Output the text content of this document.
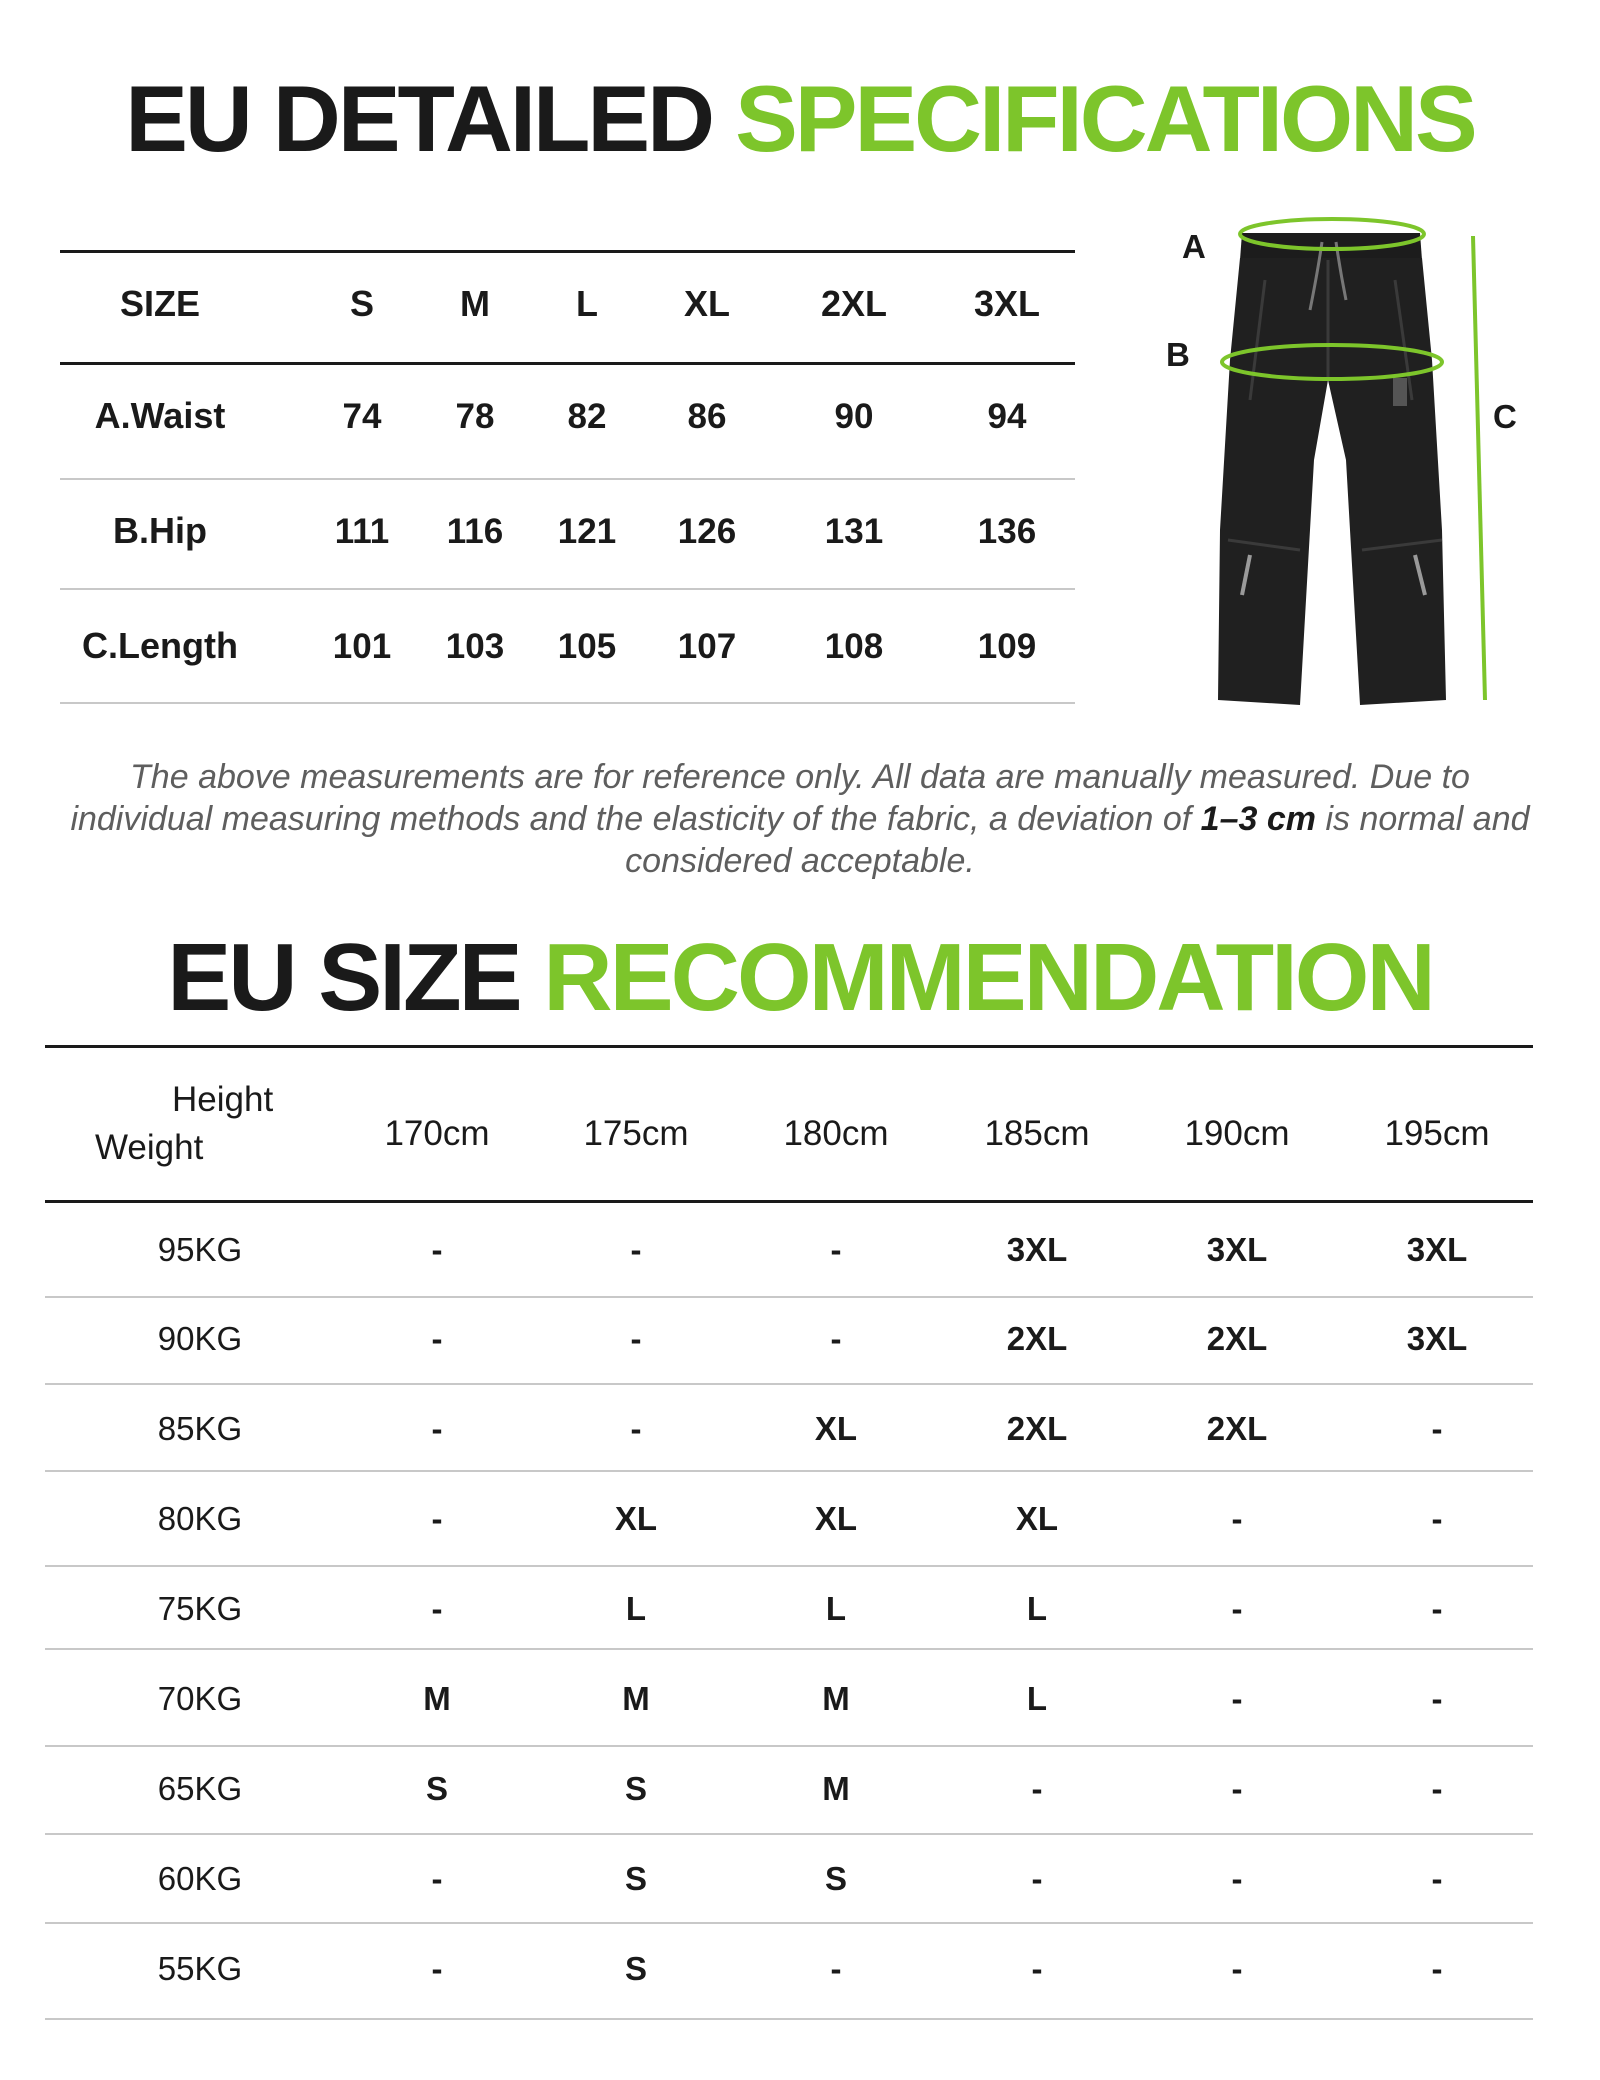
EU DETAILED SPECIFICATIONS
SIZE	S	M	L	XL	2XL	3XL
A.Waist	74	78	82	86	90	94
B.Hip	111	116	121	126	131	136
C.Length	101	103	105	107	108	109
A
B
C
The above measurements are for reference only. All data are manually measured. Due to individual measuring methods and the elasticity of the fabric, a deviation of 1–3 cm is normal and considered acceptable.
EU SIZE RECOMMENDATION
Height
Weight	170cm	175cm	180cm	185cm	190cm	195cm
95KG	-	-	-	3XL	3XL	3XL
90KG	-	-	-	2XL	2XL	3XL
85KG	-	-	XL	2XL	2XL	-
80KG	-	XL	XL	XL	-	-
75KG	-	L	L	L	-	-
70KG	M	M	M	L	-	-
65KG	S	S	M	-	-	-
60KG	-	S	S	-	-	-
55KG	-	S	-	-	-	-
